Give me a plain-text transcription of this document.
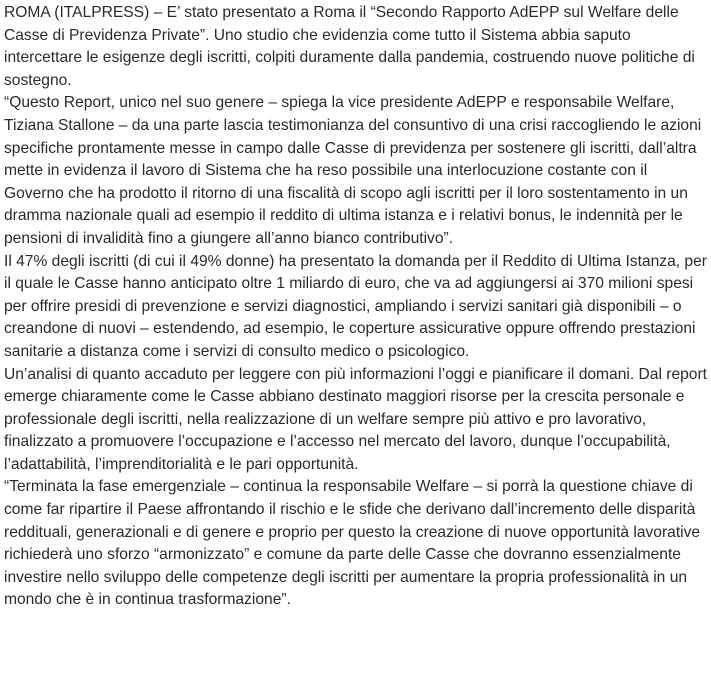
ROMA (ITALPRESS) – E’ stato presentato a Roma il “Secondo Rapporto AdEPP sul Welfare delle Casse di Previdenza Private”. Uno studio che evidenzia come tutto il Sistema abbia saputo intercettare le esigenze degli iscritti, colpiti duramente dalla pandemia, costruendo nuove politiche di sostegno.

“Questo Report, unico nel suo genere – spiega la vice presidente AdEPP e responsabile Welfare, Tiziana Stallone – da una parte lascia testimonianza del consuntivo di una crisi raccogliendo le azioni specifiche prontamente messe in campo dalle Casse di previdenza per sostenere gli iscritti, dall’altra mette in evidenza il lavoro di Sistema che ha reso possibile una interlocuzione costante con il Governo che ha prodotto il ritorno di una fiscalità di scopo agli iscritti per il loro sostentamento in un dramma nazionale quali ad esempio il reddito di ultima istanza e i relativi bonus, le indennità per le pensioni di invalidità fino a giungere all’anno bianco contributivo”.

Il 47% degli iscritti (di cui il 49% donne) ha presentato la domanda per il Reddito di Ultima Istanza, per il quale le Casse hanno anticipato oltre 1 miliardo di euro, che va ad aggiungersi ai 370 milioni spesi per offrire presidi di prevenzione e servizi diagnostici, ampliando i servizi sanitari già disponibili – o creandone di nuovi – estendendo, ad esempio, le coperture assicurative oppure offrendo prestazioni sanitarie a distanza come i servizi di consulto medico o psicologico.

Un’analisi di quanto accaduto per leggere con più informazioni l’oggi e pianificare il domani. Dal report emerge chiaramente come le Casse abbiano destinato maggiori risorse per la crescita personale e professionale degli iscritti, nella realizzazione di un welfare sempre più attivo e pro lavorativo, finalizzato a promuovere l’occupazione e l’accesso nel mercato del lavoro, dunque l’occupabilità, l’adattabilità, l’imprenditorialità e le pari opportunità.

“Terminata la fase emergenziale – continua la responsabile Welfare – si porrà la questione chiave di come far ripartire il Paese affrontando il rischio e le sfide che derivano dall’incremento delle disparità reddituali, generazionali e di genere e proprio per questo la creazione di nuove opportunità lavorative richiederà uno sforzo “armonizzato” e comune da parte delle Casse che dovranno essenzialmente investire nello sviluppo delle competenze degli iscritti per aumentare la propria professionalità in un mondo che è in continua trasformazione”.
